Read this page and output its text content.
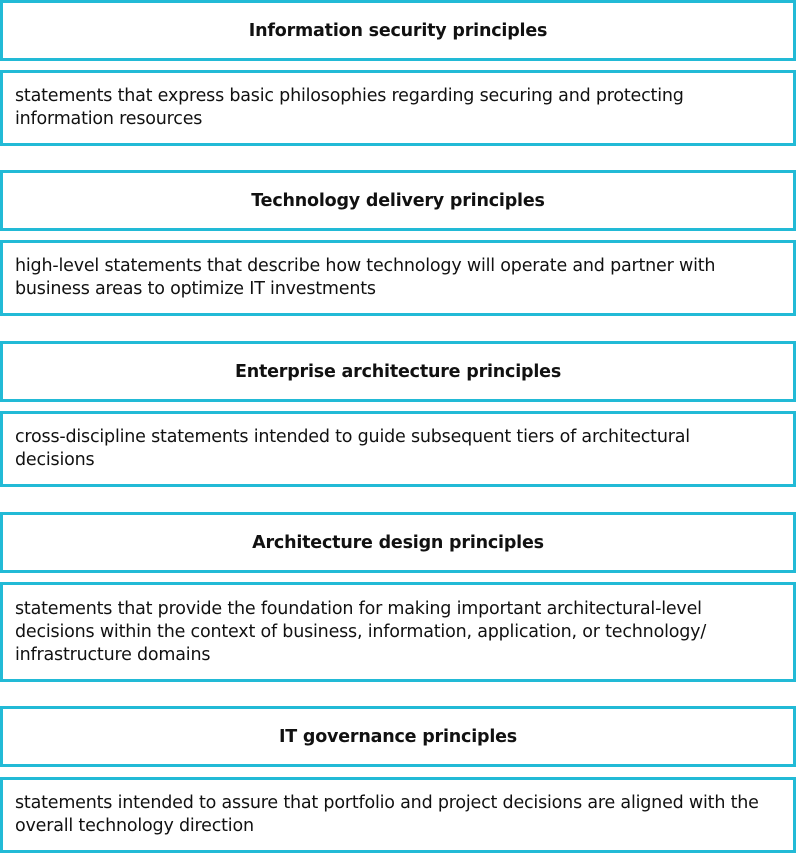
Information security principles
statements that express basic philosophies regarding securing and protecting information resources
Technology delivery principles
high-level statements that describe how technology will operate and partner with business areas to optimize IT investments
Enterprise architecture principles
cross-discipline statements intended to guide subsequent tiers of architectural decisions
Architecture design principles
statements that provide the foundation for making important architectural-level decisions within the context of business, information, application, or technology/ infrastructure domains
IT governance principles
statements intended to assure that portfolio and project decisions are aligned with the overall technology direction
